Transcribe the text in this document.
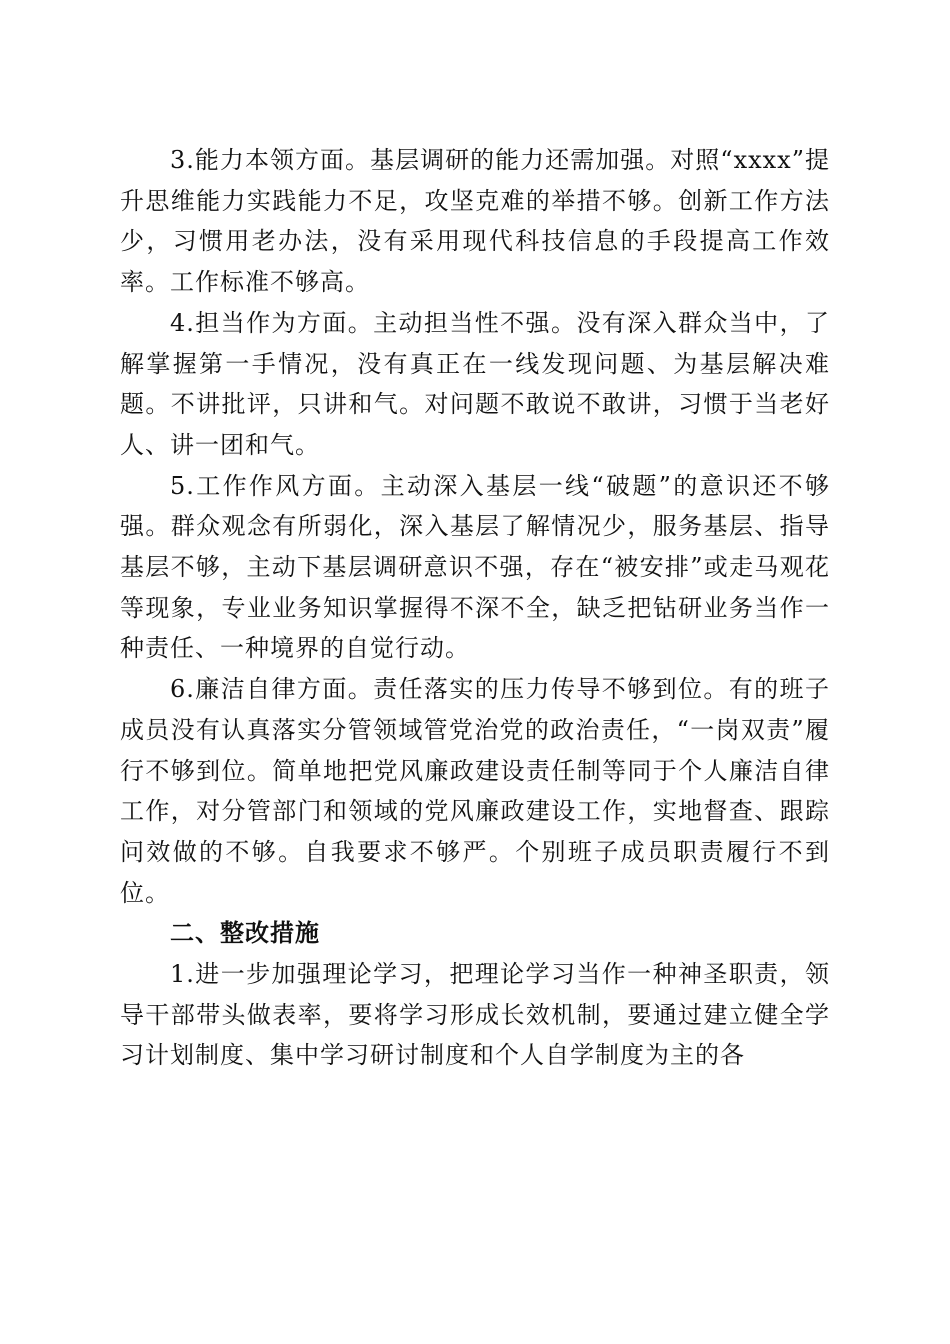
3.能力本领方面。基层调研的能力还需加强。对照“xxxx”提升思维能力实践能力不足，攻坚克难的举措不够。创新工作方法少，习惯用老办法，没有采用现代科技信息的手段提高工作效率。工作标准不够高。

4.担当作为方面。主动担当性不强。没有深入群众当中，了解掌握第一手情况，没有真正在一线发现问题、为基层解决难题。不讲批评，只讲和气。对问题不敢说不敢讲，习惯于当老好人、讲一团和气。

5.工作作风方面。主动深入基层一线“破题”的意识还不够强。群众观念有所弱化，深入基层了解情况少，服务基层、指导基层不够，主动下基层调研意识不强，存在“被安排”或走马观花等现象，专业业务知识掌握得不深不全，缺乏把钻研业务当作一种责任、一种境界的自觉行动。

6.廉洁自律方面。责任落实的压力传导不够到位。有的班子成员没有认真落实分管领域管党治党的政治责任，“一岗双责”履行不够到位。简单地把党风廉政建设责任制等同于个人廉洁自律工作，对分管部门和领域的党风廉政建设工作，实地督查、跟踪问效做的不够。自我要求不够严。个别班子成员职责履行不到位。

二、整改措施

1.进一步加强理论学习，把理论学习当作一种神圣职责，领导干部带头做表率，要将学习形成长效机制，要通过建立健全学习计划制度、集中学习研讨制度和个人自学制度为主的各
